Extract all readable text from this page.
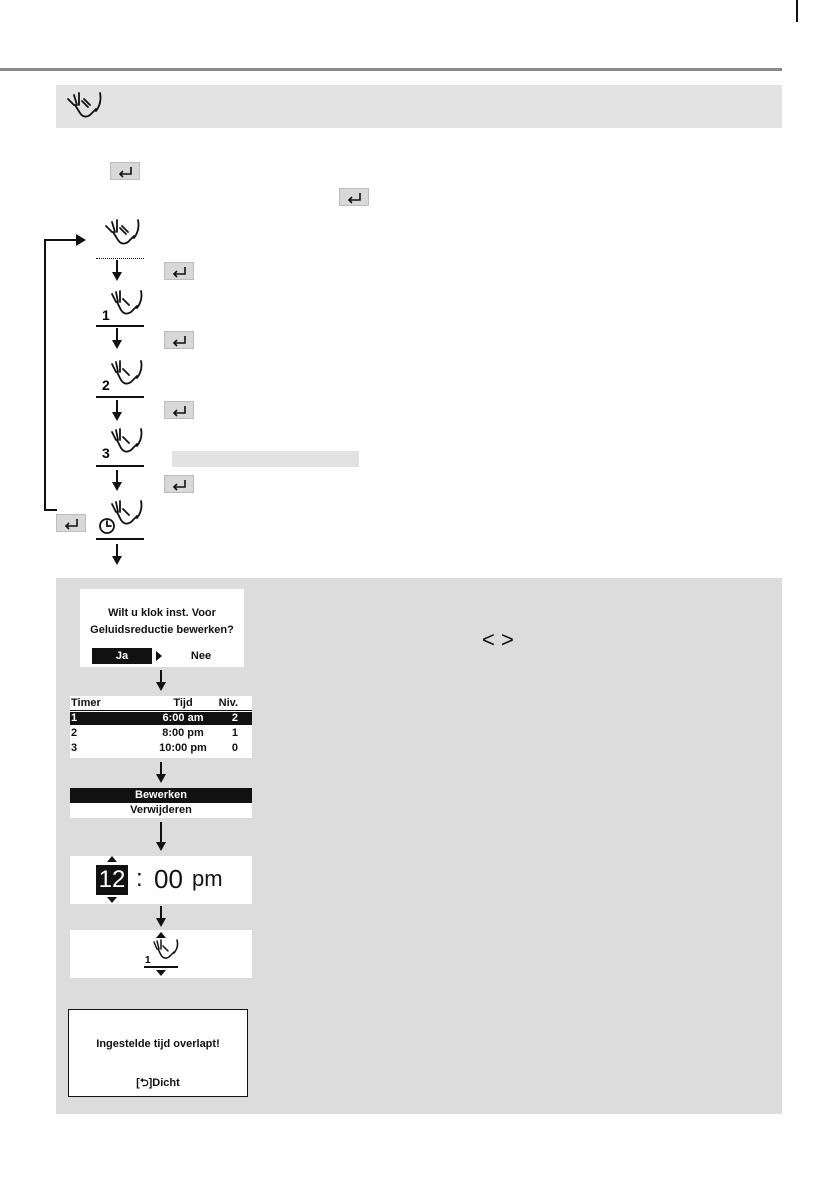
1
2
3
Wilt u klok inst. Voor
Geluidsreductie bewerken?
Ja	Nee
< >
Timer	Tijd	Niv.
1	6:00 am	2
2	8:00 pm	1
3	10:00 pm	0
Bewerken
Verwijderen
12 : 00 pm
1
Ingestelde tijd overlapt!
[⮌]Dicht
